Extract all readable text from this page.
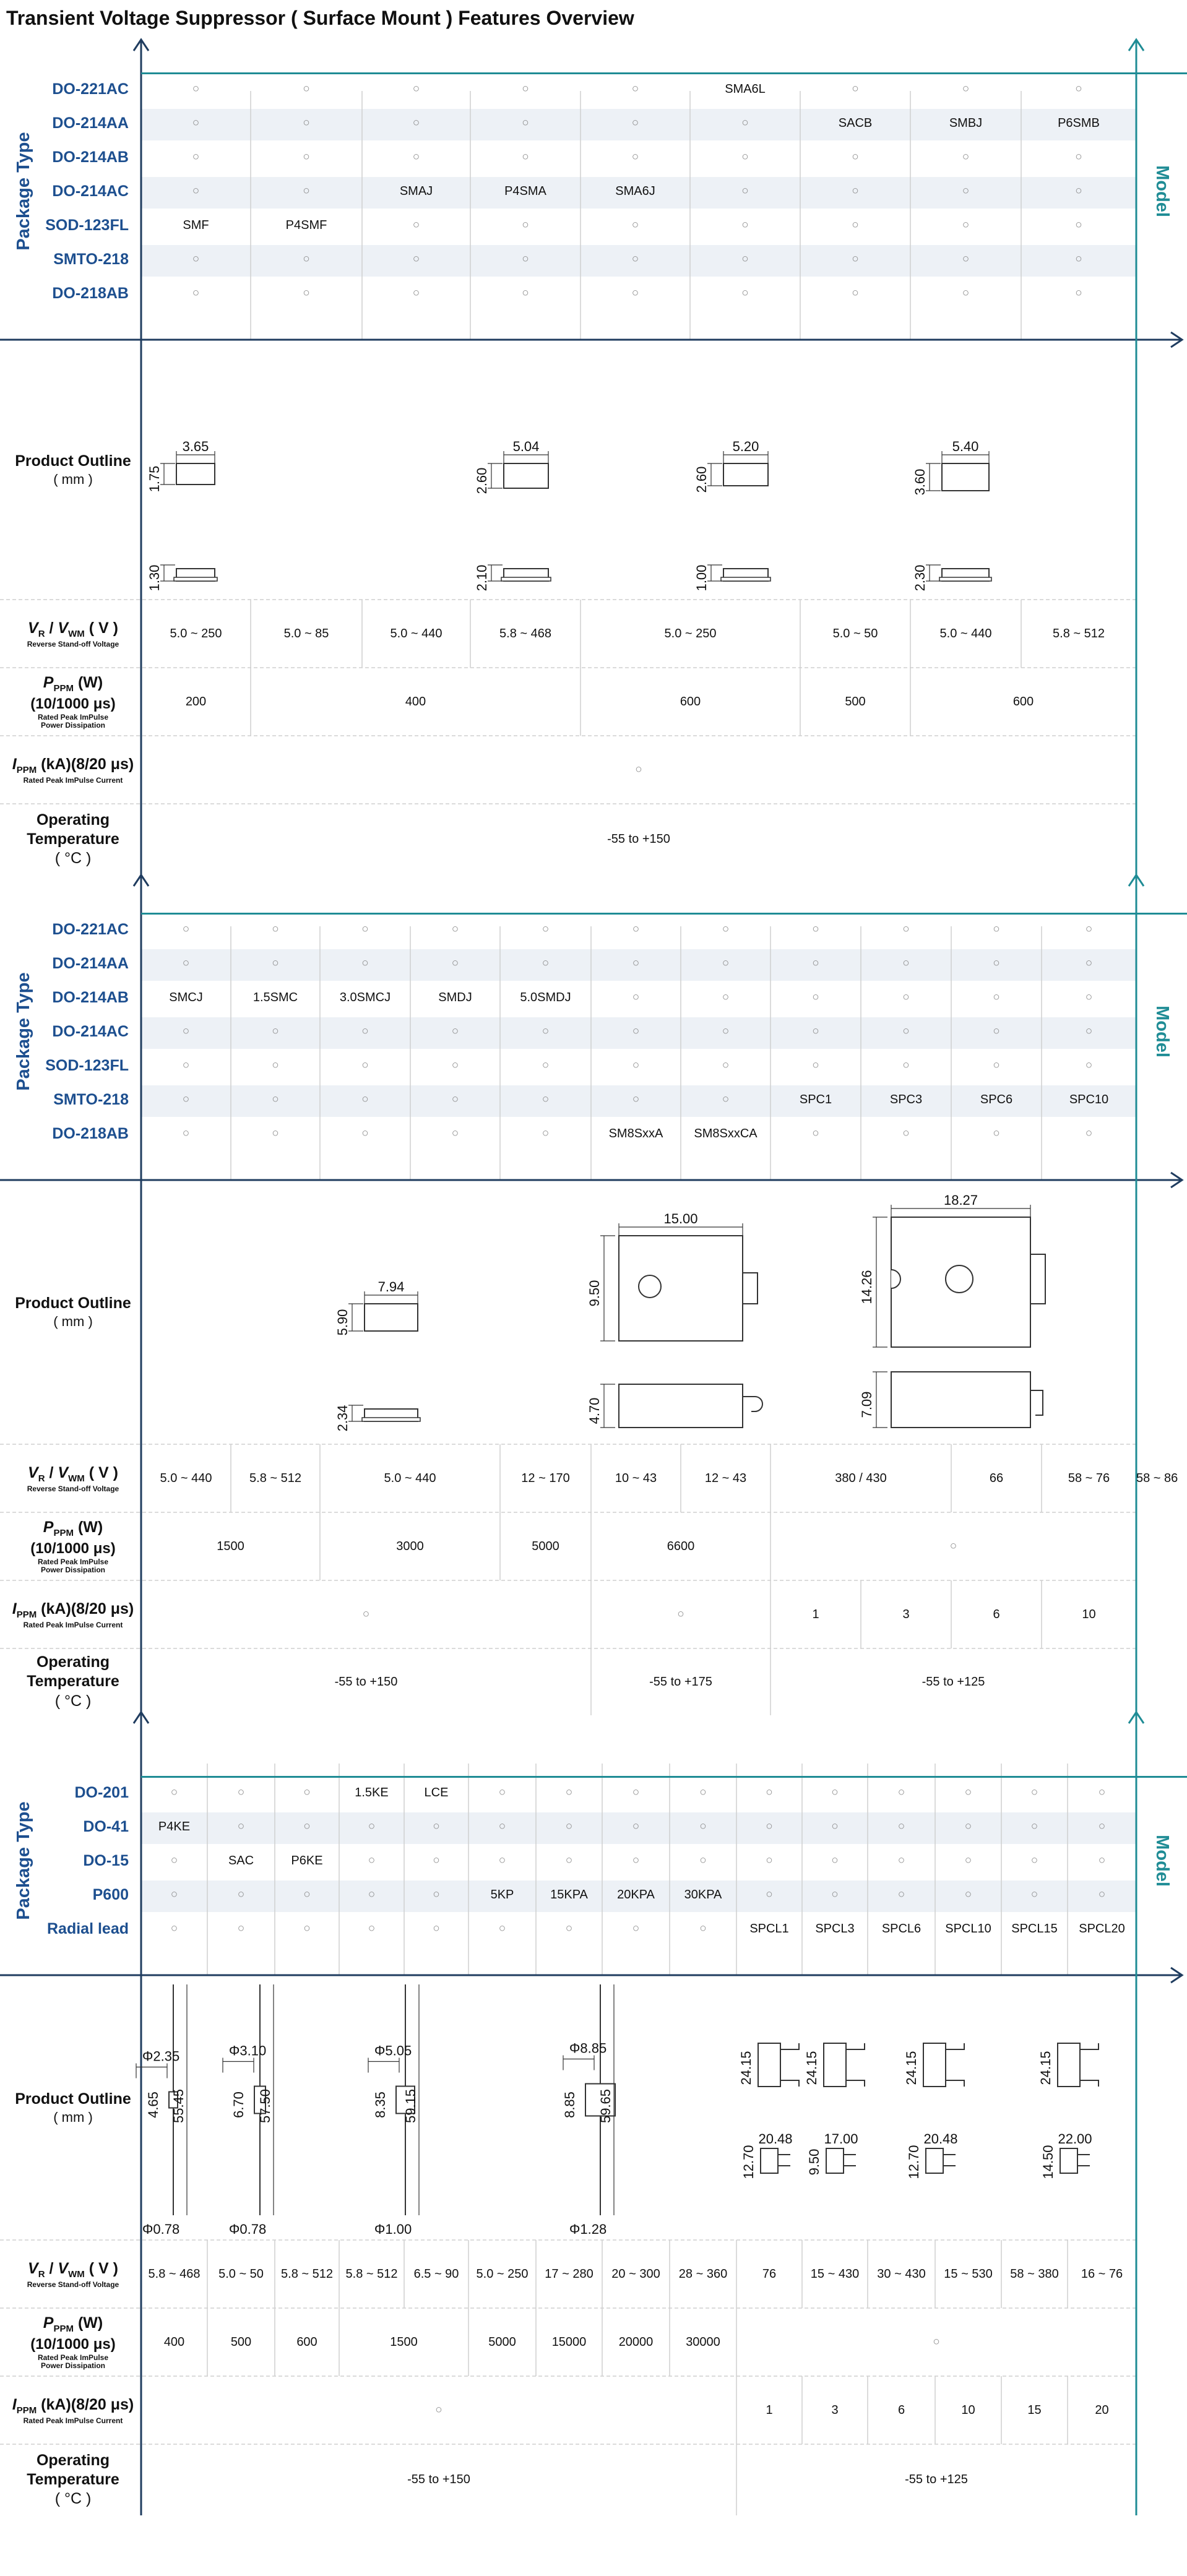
Transient Voltage Suppressor ( Surface Mount ) Features Overview
3.65
1.75
1.30
5.04
2.60
2.10
5.20
2.60
1.00
5.40
3.60
2.30
DO-221AC
DO-214AA
DO-214AB
DO-214AC
SOD-123FL
SMTO-218
DO-218AB
Package Type	Model
○	○	○	○	○	SMA6L	○	○	○
○	○	○	○	○	○	SACB	SMBJ	P6SMB
○	○	○	○	○	○	○	○	○
○	○	SMAJ	P4SMA	SMA6J	○	○	○	○
SMF	P4SMF	○	○	○	○	○	○	○
○	○	○	○	○	○	○	○	○
○	○	○	○	○	○	○	○	○
Product Outline
( mm )
$V_R / V_{WM}$ ( V )
Reverse Stand-off Voltage
$P_{PPM}$ (W)
(10/1000 μs)
Rated Peak ImPulse
Power Dissipation
$I_{PPM}$ (kA)(8/20 μs)
Rated Peak ImPulse Current
Operating
Temperature
( °C )
5.0 ~ 250	5.0 ~ 85	5.0 ~ 440	5.8 ~ 468	5.0 ~ 250	5.0 ~ 50	5.0 ~ 440	5.8 ~ 512
200	400	600	500	600
○
-55 to +150
7.94
5.90
2.34
15.00
9.50
4.70
18.27
14.26
7.09
DO-221AC
DO-214AA
DO-214AB
DO-214AC
SOD-123FL
SMTO-218
DO-218AB
Package Type	Model
○	○	○	○	○	○	○	○	○	○	○
○	○	○	○	○	○	○	○	○	○	○
SMCJ	1.5SMC	3.0SMCJ	SMDJ	5.0SMDJ	○	○	○	○	○	○
○	○	○	○	○	○	○	○	○	○	○
○	○	○	○	○	○	○	○	○	○	○
○	○	○	○	○	○	○	SPC1	SPC3	SPC6	SPC10
○	○	○	○	○	SM8SxxA	SM8SxxCA	○	○	○	○
Product Outline
( mm )
$V_R / V_{WM}$ ( V )
Reverse Stand-off Voltage
$P_{PPM}$ (W)
(10/1000 μs)
Rated Peak ImPulse
Power Dissipation
$I_{PPM}$ (kA)(8/20 μs)
Rated Peak ImPulse Current
Operating
Temperature
( °C )
5.0 ~ 440	5.8 ~ 512	5.0 ~ 440	12 ~ 170	10 ~ 43	12 ~ 43	380 / 430	66	58 ~ 76	58 ~ 86
1500	3000	5000	6600	○
○	○	1	3	6	10
-55 to +150	-55 to +175	-55 to +125
Φ2.35
4.65 55.45
Φ0.78
Φ3.10
6.70 57.50
Φ0.78
Φ5.05
8.35 59.15
Φ1.00
Φ8.85
8.85 59.65
Φ1.28
24.15
20.48
12.70
24.15
17.00
9.50
24.15
20.48
12.70
24.15
22.00
14.50
DO-201
DO-41
DO-15
P600
Radial lead
Package Type	Model
○	○	○	1.5KE	LCE	○	○	○	○	○	○	○	○	○	○
P4KE	○	○	○	○	○	○	○	○	○	○	○	○	○	○
○	SAC	P6KE	○	○	○	○	○	○	○	○	○	○	○	○
○	○	○	○	○	5KP	15KPA	20KPA	30KPA	○	○	○	○	○	○
○	○	○	○	○	○	○	○	○	SPCL1	SPCL3	SPCL6	SPCL10	SPCL15	SPCL20
Product Outline
( mm )
$V_R / V_{WM}$ ( V )
Reverse Stand-off Voltage
$P_{PPM}$ (W)
(10/1000 μs)
Rated Peak ImPulse
Power Dissipation
$I_{PPM}$ (kA)(8/20 μs)
Rated Peak ImPulse Current
Operating
Temperature
( °C )
5.8 ~ 468	5.0 ~ 50	5.8 ~ 512	5.8 ~ 512	6.5 ~ 90	5.0 ~ 250	17 ~ 280	20 ~ 300	28 ~ 360	76	15 ~ 430	30 ~ 430	15 ~ 530	58 ~ 380	16 ~ 76
400	500	600	1500	5000	15000	20000	30000	○
○	1	3	6	10	15	20
-55 to +150	-55 to +125
